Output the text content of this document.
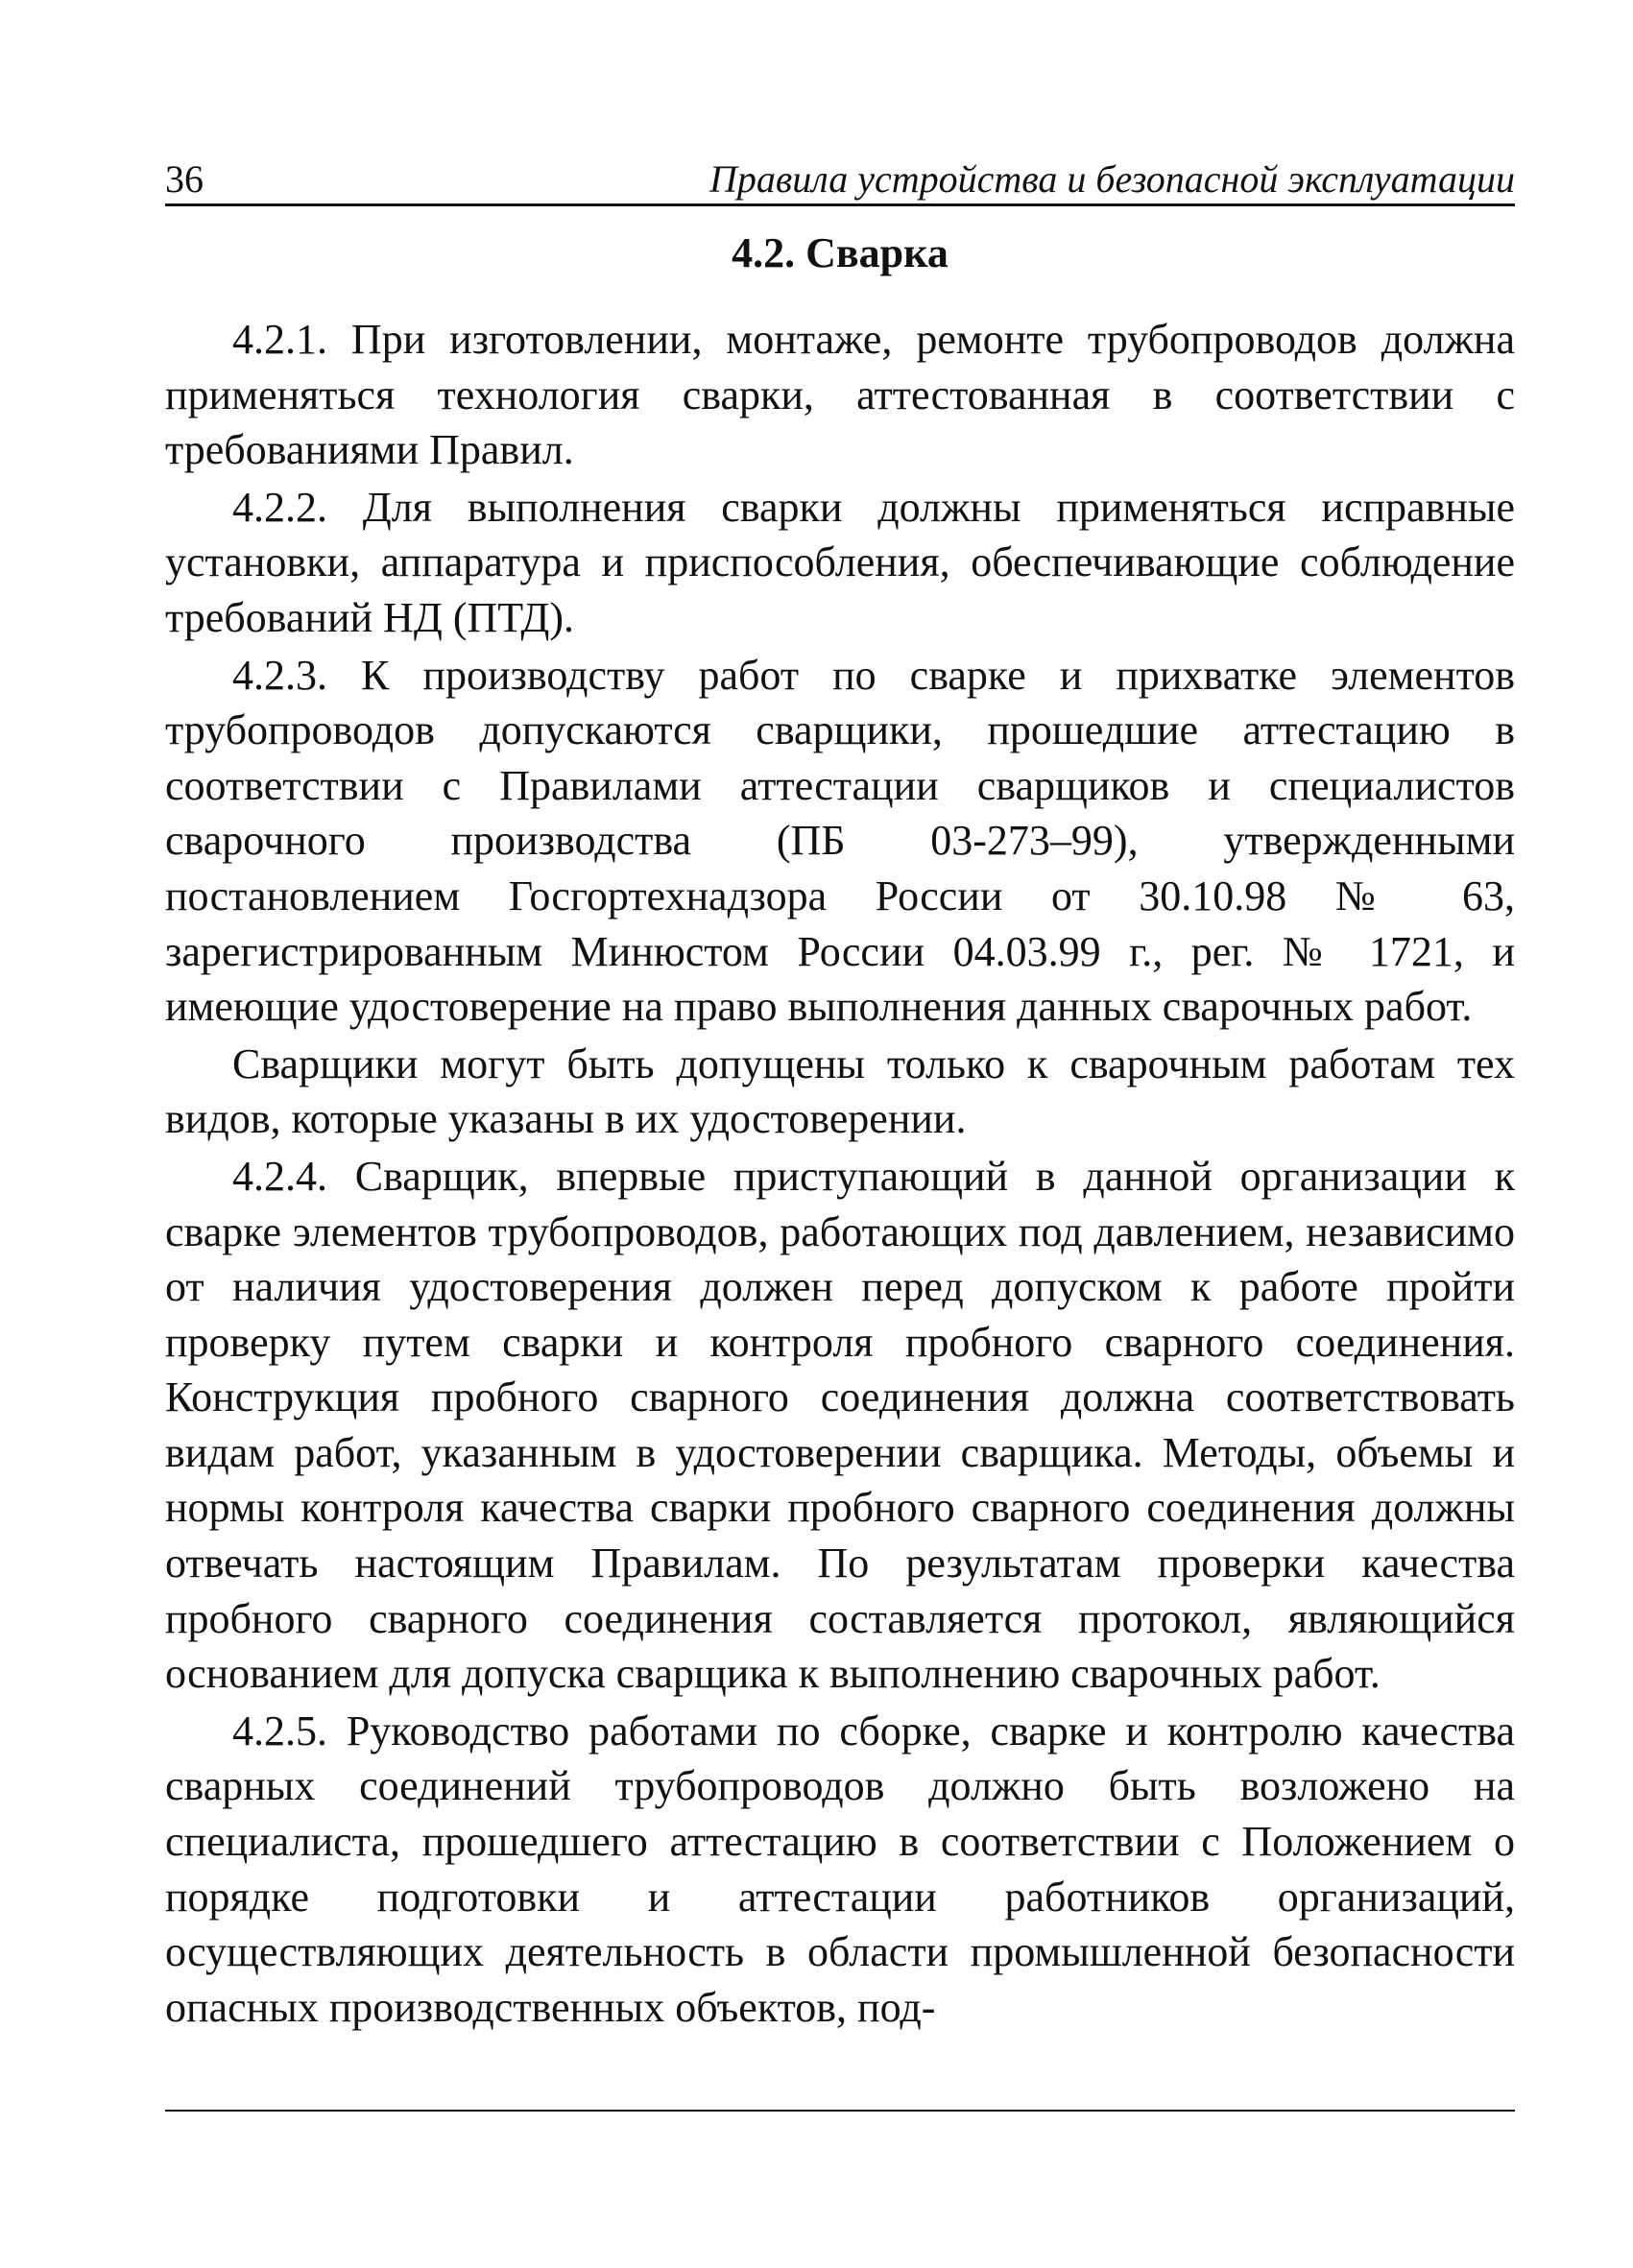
36	Правила устройства и безопасной эксплуатации
4.2. Сварка

4.2.1. При изготовлении, монтаже, ремонте трубопроводов должна применяться технология сварки, аттестованная в соответствии с требованиями Правил.

4.2.2. Для выполнения сварки должны применяться исправные установки, аппаратура и приспособления, обеспечивающие соблюдение требований НД (ПТД).

4.2.3. К производству работ по сварке и прихватке элементов трубопроводов допускаются сварщики, прошедшие аттестацию в соответствии с Правилами аттестации сварщиков и специалистов сварочного производства (ПБ 03-273–99), утвержденными постановлением Госгортехнадзора России от 30.10.98 № 63, зарегистрированным Минюстом России 04.03.99 г., рег. № 1721, и имеющие удостоверение на право выполнения данных сварочных работ.

Сварщики могут быть допущены только к сварочным работам тех видов, которые указаны в их удостоверении.

4.2.4. Сварщик, впервые приступающий в данной организации к сварке элементов трубопроводов, работающих под давлением, независимо от наличия удостоверения должен перед допуском к работе пройти проверку путем сварки и контроля пробного сварного соединения. Конструкция пробного сварного соединения должна соответствовать видам работ, указанным в удостоверении сварщика. Методы, объемы и нормы контроля качества сварки пробного сварного соединения должны отвечать настоящим Правилам. По результатам проверки качества пробного сварного соединения составляется протокол, являющийся основанием для допуска сварщика к выполнению сварочных работ.

4.2.5. Руководство работами по сборке, сварке и контролю качества сварных соединений трубопроводов должно быть возложено на специалиста, прошедшего аттестацию в соответствии с Положением о порядке подготовки и аттестации работников организаций, осуществляющих деятельность в области промышленной безопасности опасных производственных объектов, под-
